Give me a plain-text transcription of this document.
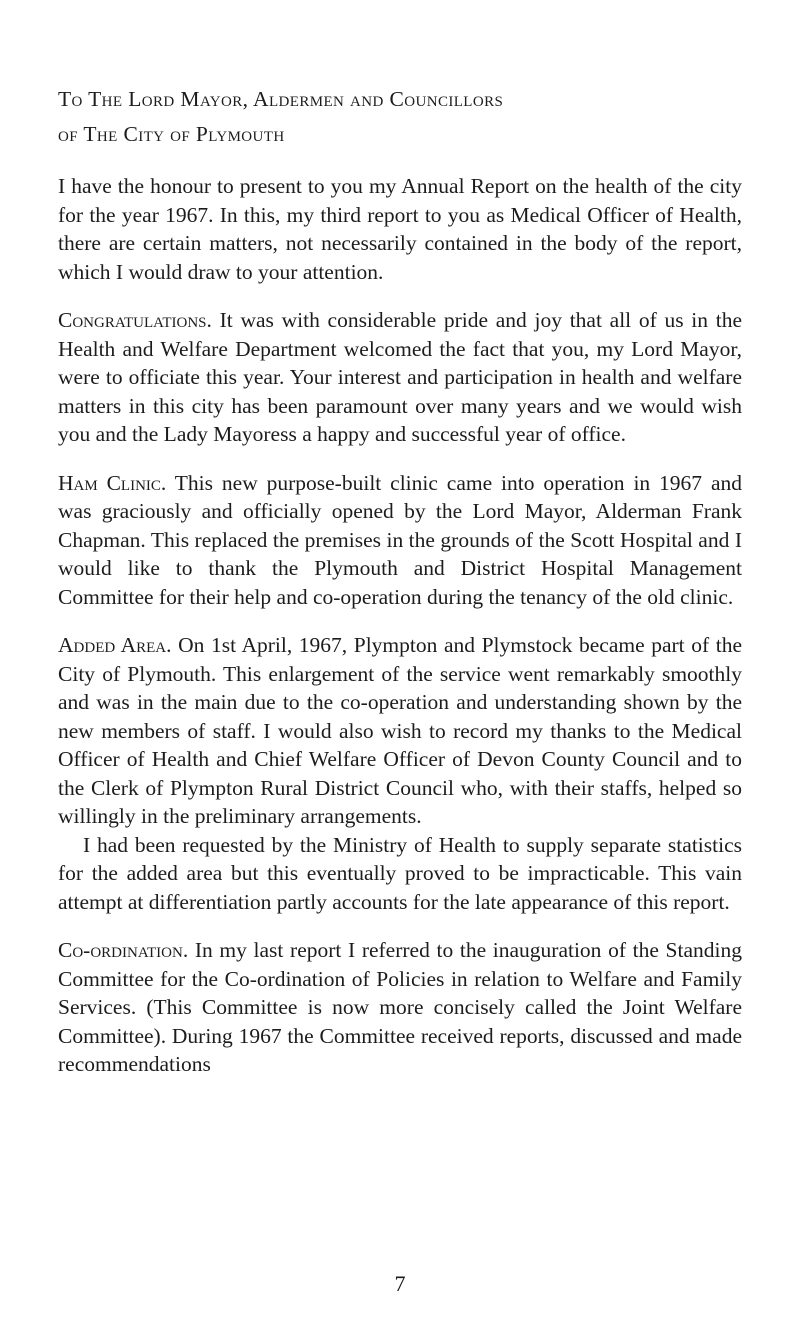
To The Lord Mayor, Aldermen and Councillors
of The City of Plymouth

I have the honour to present to you my Annual Report on the health of the city for the year 1967. In this, my third report to you as Medical Officer of Health, there are certain matters, not necessarily contained in the body of the report, which I would draw to your attention.

Congratulations. It was with considerable pride and joy that all of us in the Health and Welfare Department welcomed the fact that you, my Lord Mayor, were to officiate this year. Your interest and participation in health and welfare matters in this city has been paramount over many years and we would wish you and the Lady Mayoress a happy and successful year of office.

Ham Clinic. This new purpose-built clinic came into operation in 1967 and was graciously and officially opened by the Lord Mayor, Alderman Frank Chapman. This replaced the premises in the grounds of the Scott Hospital and I would like to thank the Plymouth and District Hospital Management Committee for their help and co-operation during the tenancy of the old clinic.

Added Area. On 1st April, 1967, Plympton and Plymstock became part of the City of Plymouth. This enlargement of the service went remarkably smoothly and was in the main due to the co-operation and understanding shown by the new members of staff. I would also wish to record my thanks to the Medical Officer of Health and Chief Welfare Officer of Devon County Council and to the Clerk of Plympton Rural District Council who, with their staffs, helped so willingly in the preliminary arrangements.

I had been requested by the Ministry of Health to supply separate statistics for the added area but this eventually proved to be impracticable. This vain attempt at differentiation partly accounts for the late appearance of this report.

Co-ordination. In my last report I referred to the inauguration of the Standing Committee for the Co-ordination of Policies in relation to Welfare and Family Services. (This Committee is now more concisely called the Joint Welfare Committee). During 1967 the Committee received reports, discussed and made recommendations

7
